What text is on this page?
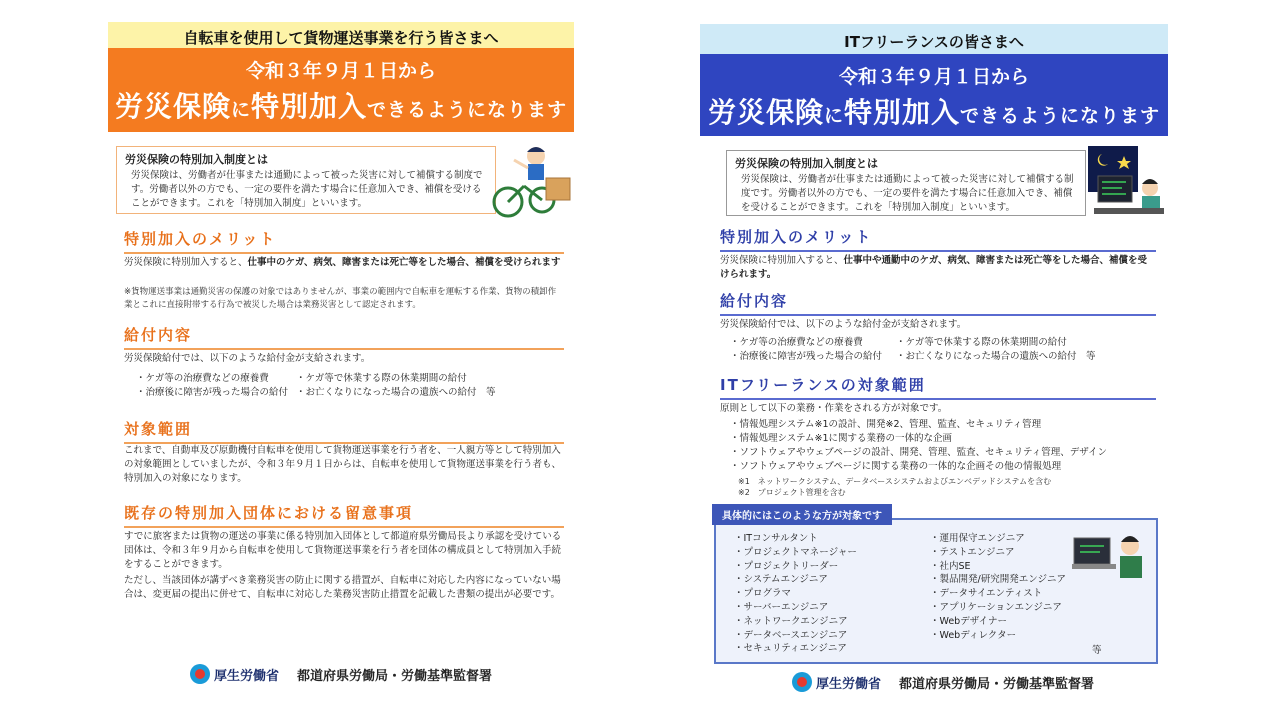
自転車を使用して貨物運送事業を行う皆さまへ
令和３年９月１日から
労災保険に特別加入できるようになります
労災保険の特別加入制度とは
労災保険は、労働者が仕事または通勤によって被った災害に対して補償する制度です。労働者以外の方でも、一定の要件を満たす場合に任意加入でき、補償を受けることができます。これを「特別加入制度」といいます。
特別加入のメリット
労災保険に特別加入すると、仕事中のケガ、病気、障害または死亡等をした場合、補償を受けられます
※貨物運送事業は通勤災害の保護の対象ではありませんが、事業の範囲内で自転車を運転する作業、貨物の積卸作業とこれに直接附帯する行為で被災した場合は業務災害として認定されます。
給付内容
労災保険給付では、以下のような給付金が支給されます。
・ケガ等の治療費などの療養費
・治療後に障害が残った場合の給付
・ケガ等で休業する際の休業期間の給付
・お亡くなりになった場合の遺族への給付　等
対象範囲
これまで、自動車及び原動機付自転車を使用して貨物運送事業を行う者を、一人親方等として特別加入の対象範囲としていましたが、令和３年９月１日からは、自転車を使用して貨物運送事業を行う者も、特別加入の対象になります。
既存の特別加入団体における留意事項
すでに旅客または貨物の運送の事業に係る特別加入団体として都道府県労働局長より承認を受けている団体は、令和３年９月から自転車を使用して貨物運送事業を行う者を団体の構成員として特別加入手続をすることができます。
ただし、当該団体が講ずべき業務災害の防止に関する措置が、自転車に対応した内容になっていない場合は、変更届の提出に併せて、自転車に対応した業務災害防止措置を記載した書類の提出が必要です。
厚生労働省 都道府県労働局・労働基準監督署
ITフリーランスの皆さまへ
令和３年９月１日から
労災保険に特別加入できるようになります
労災保険の特別加入制度とは
労災保険は、労働者が仕事または通勤によって被った災害に対して補償する制度です。労働者以外の方でも、一定の要件を満たす場合に任意加入でき、補償を受けることができます。これを「特別加入制度」といいます。
特別加入のメリット
労災保険に特別加入すると、仕事中や通勤中のケガ、病気、障害または死亡等をした場合、補償を受けられます。
給付内容
労災保険給付では、以下のような給付金が支給されます。
・ケガ等の治療費などの療養費
・治療後に障害が残った場合の給付
・ケガ等で休業する際の休業期間の給付
・お亡くなりになった場合の遺族への給付　等
ITフリーランスの対象範囲
原則として以下の業務・作業をされる方が対象です。
・情報処理システム※1の設計、開発※2、管理、監査、セキュリティ管理
・情報処理システム※1に関する業務の一体的な企画
・ソフトウェアやウェブページの設計、開発、管理、監査、セキュリティ管理、デザイン
・ソフトウェアやウェブページに関する業務の一体的な企画その他の情報処理
※1　ネットワークシステム、データベースシステムおよびエンベデッドシステムを含む
※2　プロジェクト管理を含む
具体的にはこのような方が対象です
・ITコンサルタント
・プロジェクトマネージャー
・プロジェクトリーダー
・システムエンジニア
・プログラマ
・サーバーエンジニア
・ネットワークエンジニア
・データベースエンジニア
・セキュリティエンジニア
・運用保守エンジニア
・テストエンジニア
・社内SE
・製品開発/研究開発エンジニア
・データサイエンティスト
・アプリケーションエンジニア
・Webデザイナー
・Webディレクター
等
厚生労働省 都道府県労働局・労働基準監督署
